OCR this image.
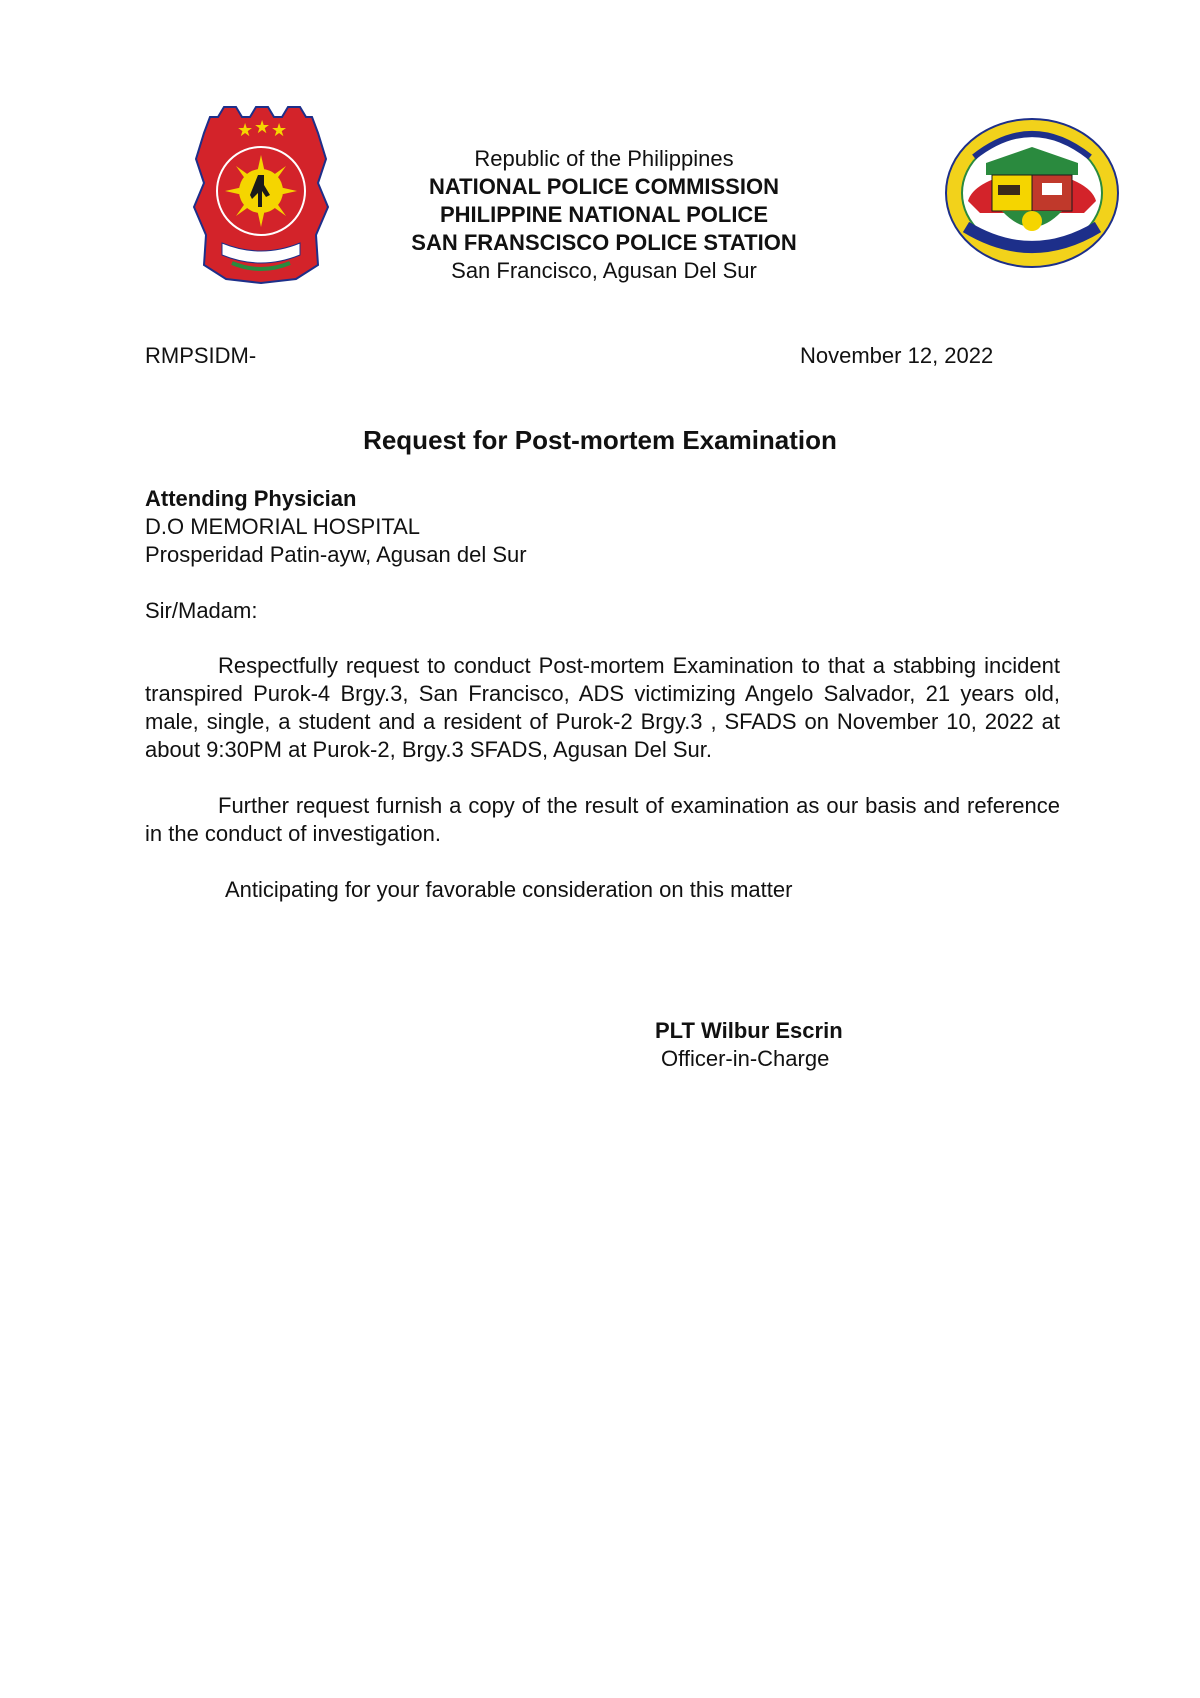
★ ★ ★
Republic of the Philippines
NATIONAL POLICE COMMISSION
PHILIPPINE NATIONAL POLICE
SAN FRANSCISCO POLICE STATION
San Francisco, Agusan Del Sur
RMPSIDM-	November 12, 2022
Request for Post-mortem Examination
Attending Physician
D.O MEMORIAL HOSPITAL
Prosperidad Patin-ayw, Agusan del Sur
Sir/Madam:

Respectfully request to conduct Post-mortem Examination to that a stabbing incident transpired Purok-4 Brgy.3, San Francisco, ADS victimizing Angelo Salvador, 21 years old, male, single, a student and a resident of Purok-2 Brgy.3 , SFADS on November 10, 2022 at about 9:30PM at Purok-2, Brgy.3 SFADS, Agusan Del Sur.

Further request furnish a copy of the result of examination as our basis and reference in the conduct of investigation.

Anticipating for your favorable consideration on this matter

PLT Wilbur Escrin
Officer-in-Charge
